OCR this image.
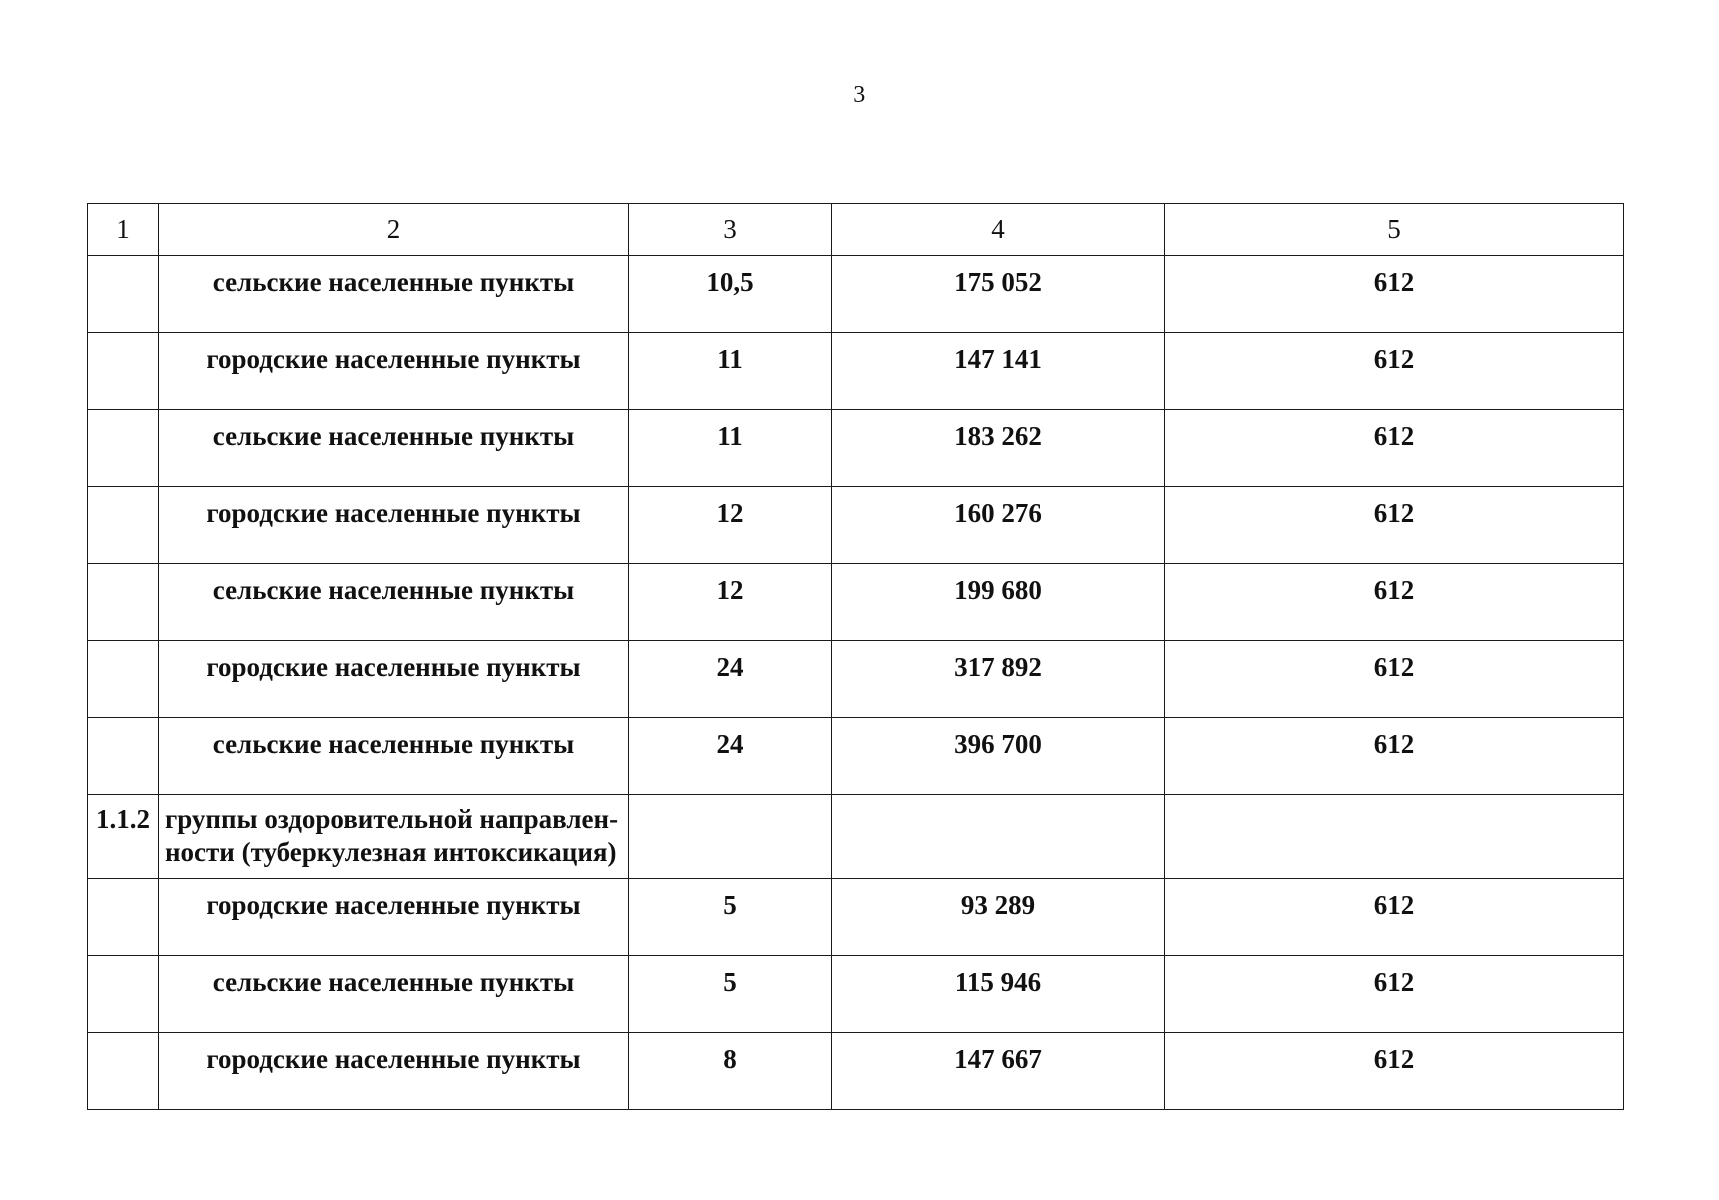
3
1	2	3	4	5
	сельские населенные пункты	10,5	175 052	612
	городские населенные пункты	11	147 141	612
	сельские населенные пункты	11	183 262	612
	городские населенные пункты	12	160 276	612
	сельские населенные пункты	12	199 680	612
	городские населенные пункты	24	317 892	612
	сельские населенные пункты	24	396 700	612
1.1.2	группы оздоровительной направлен-
ности (туберкулезная интоксикация)			

	городские населенные пункты	5	93 289	612
	сельские населенные пункты	5	115 946	612
	городские населенные пункты	8	147 667	612
